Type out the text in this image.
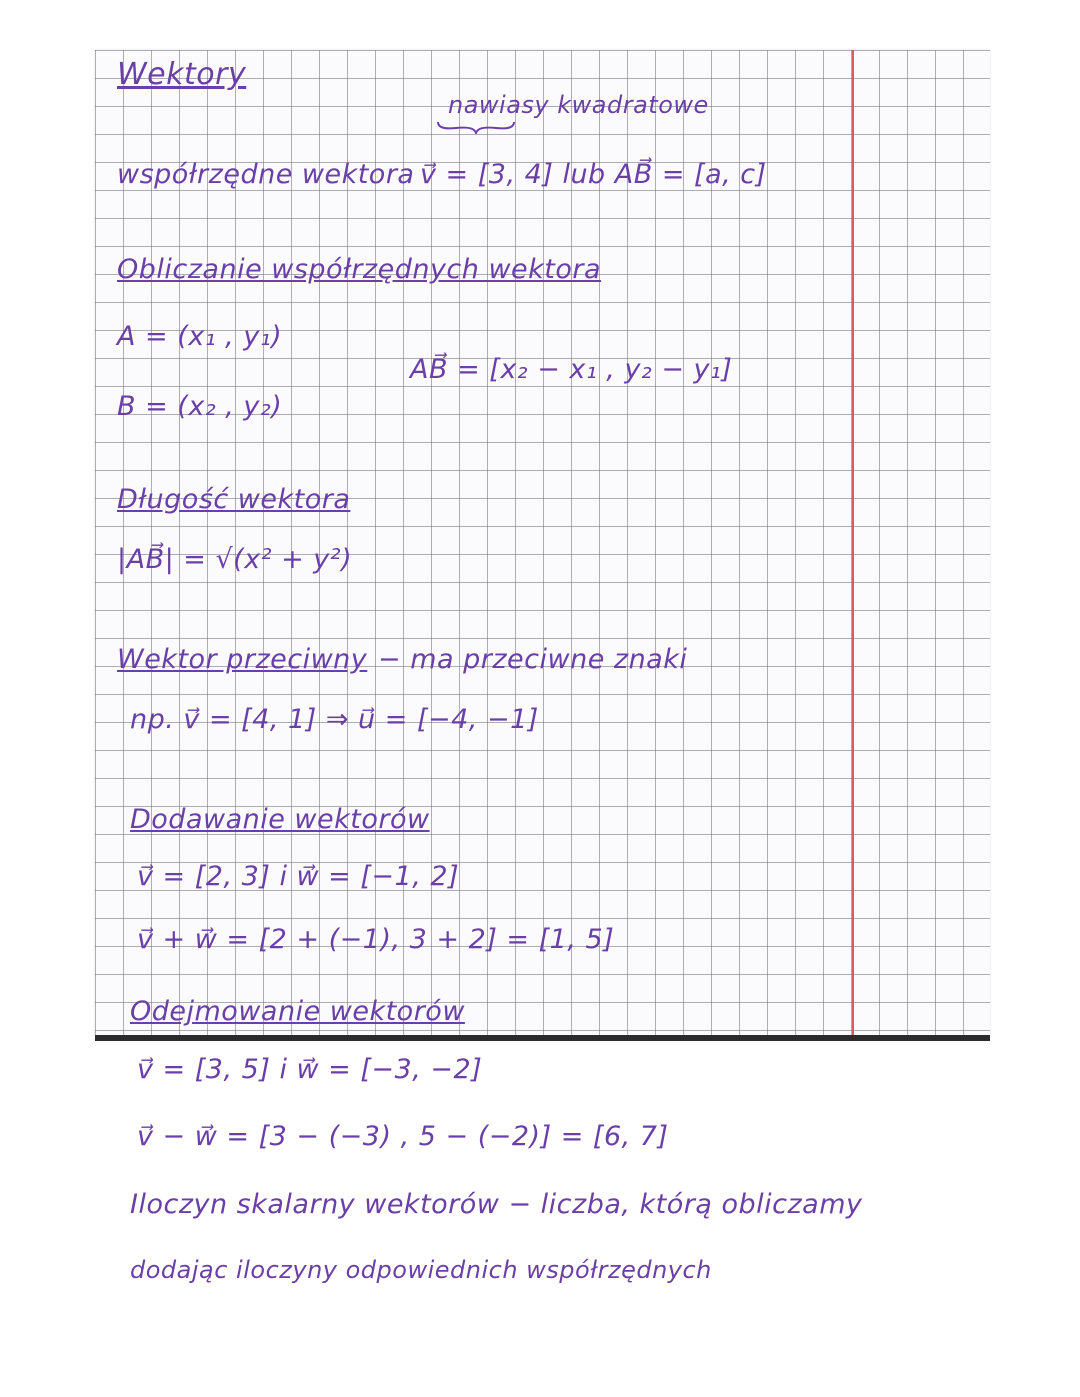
Wektory
nawiasy kwadratowe
współrzędne wektora v⃗ = [3, 4] lub AB⃗ = [a, c]
Obliczanie współrzędnych wektora
A = (x₁ , y₁)
B = (x₂ , y₂)
AB⃗ = [x₂ − x₁ , y₂ − y₁]
Długość wektora
|AB⃗| = √(x² + y²)
Wektor przeciwny − ma przeciwne znaki
np. v⃗ = [4, 1] ⇒ u⃗ = [−4, −1]
Dodawanie wektorów
v⃗ = [2, 3] i w⃗ = [−1, 2]
v⃗ + w⃗ = [2 + (−1), 3 + 2] = [1, 5]
Odejmowanie wektorów
v⃗ = [3, 5] i w⃗ = [−3, −2]
v⃗ − w⃗ = [3 − (−3) , 5 − (−2)] = [6, 7]
Iloczyn skalarny wektorów − liczba, którą obliczamy
dodając iloczyny odpowiednich współrzędnych
